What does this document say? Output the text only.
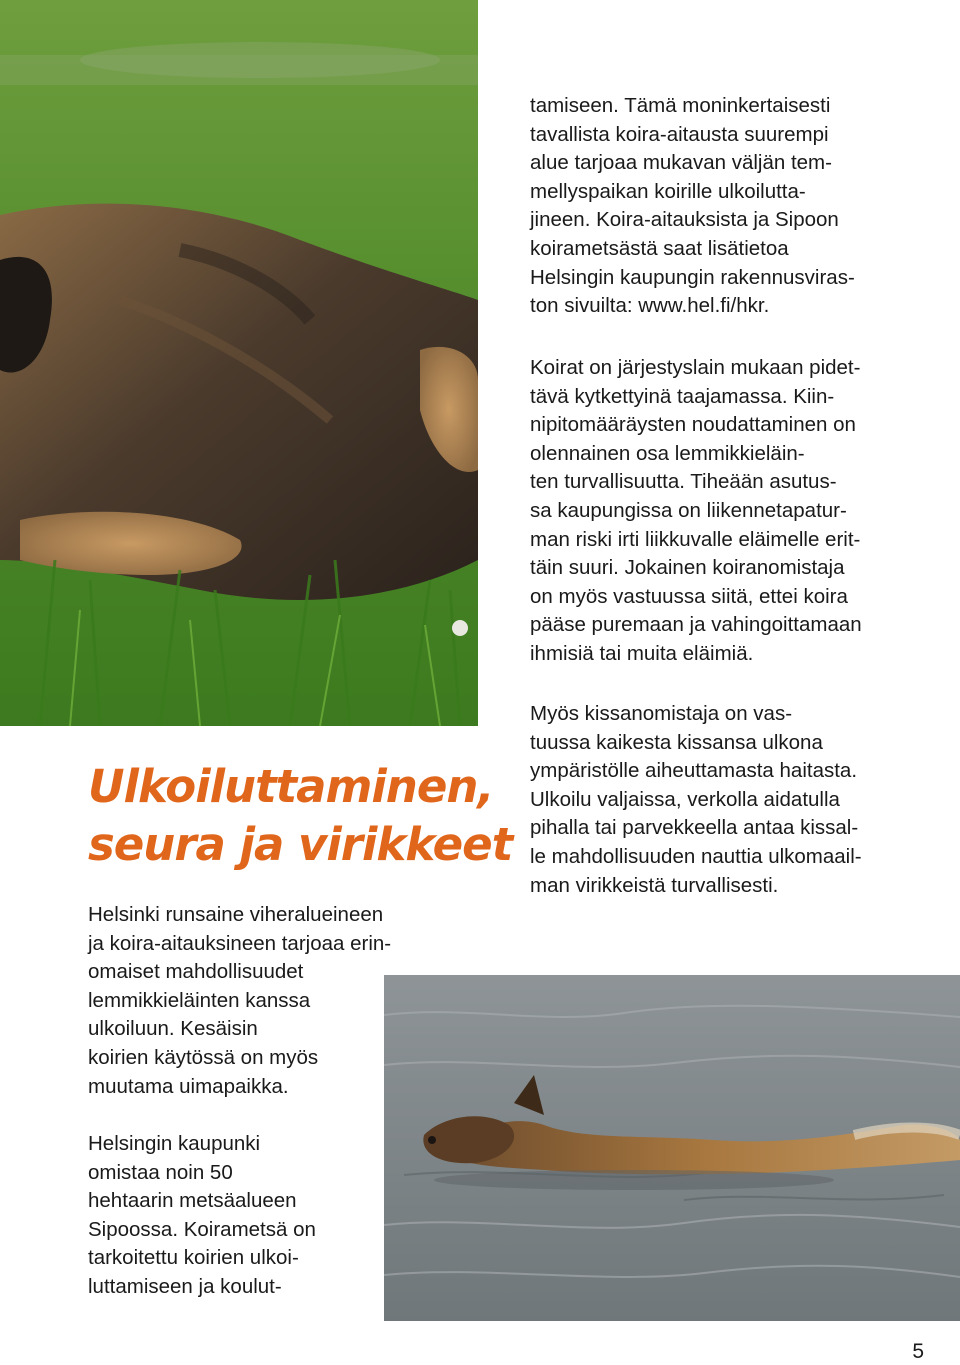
Ulkoiluttaminen,
seura ja virikkeet

Helsinki runsaine viheralueineen
ja koira-aitauksineen tarjoaa erin-
omaiset mahdollisuudet
lemmikkieläinten kanssa
ulkoiluun. Kesäisin
koirien käytössä on myös
muutama uimapaikka.

Helsingin kaupunki
omistaa noin 50
hehtaarin metsäalueen
Sipoossa. Koirametsä on
tarkoitettu koirien ulkoi-
luttamiseen ja koulut-

tamiseen. Tämä moninkertaisesti
tavallista koira-aitausta suurempi
alue tarjoaa mukavan väljän tem-
mellyspaikan koirille ulkoilutta-
jineen. Koira-aitauksista ja Sipoon
koirametsästä saat lisätietoa
Helsingin kaupungin rakennusviras-
ton sivuilta: www.hel.fi/hkr.

Koirat on järjestyslain mukaan pidet-
tävä kytkettyinä taajamassa. Kiin-
nipitomääräysten noudattaminen on
olennainen osa lemmikkieläin-
ten turvallisuutta. Tiheään asutus-
sa kaupungissa on liikennetapatur-
man riski irti liikkuvalle eläimelle erit-
täin suuri. Jokainen koiranomistaja
on myös vastuussa siitä, ettei koira
pääse puremaan ja vahingoittamaan
ihmisiä tai muita eläimiä.

Myös kissanomistaja on vas-
tuussa kaikesta kissansa ulkona
ympäristölle aiheuttamasta haitasta.
Ulkoilu valjaissa, verkolla aidatulla
pihalla tai parvekkeella antaa kissal-
le mahdollisuuden nauttia ulkomaail-
man virikkeistä turvallisesti.

5
